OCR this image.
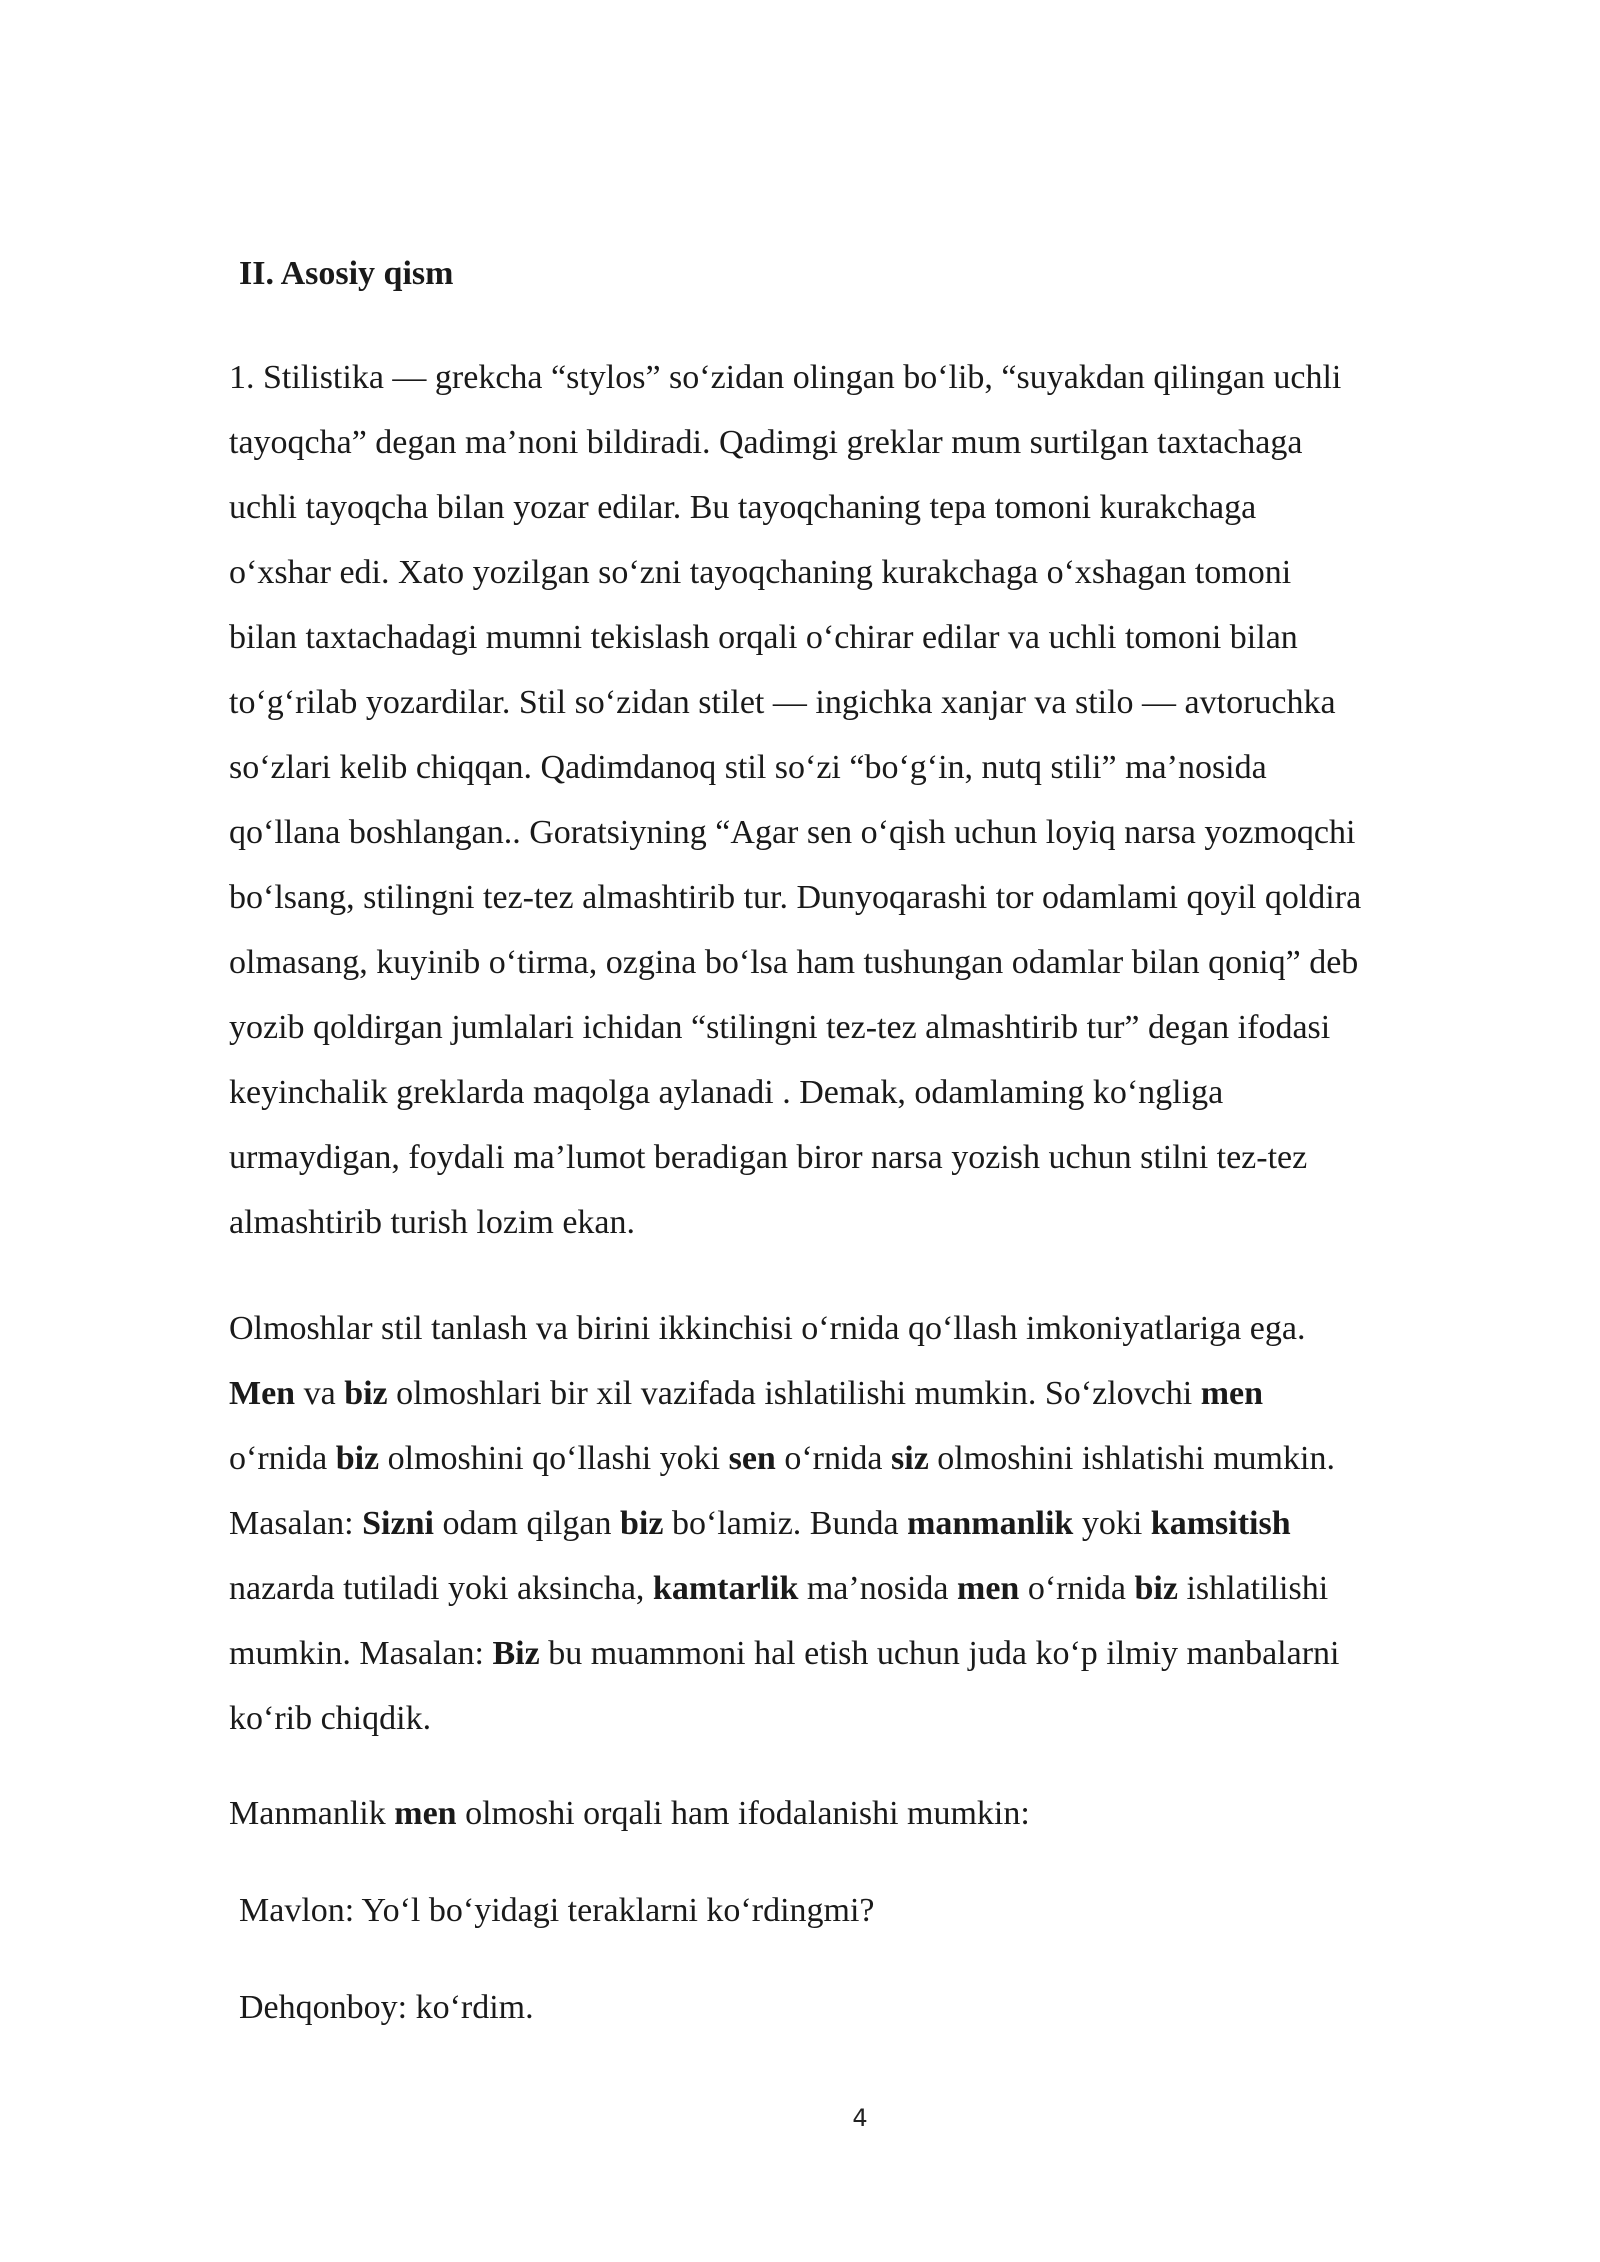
II. Asosiy qism

1. Stilistika — grekcha “stylos” so‘zidan olingan bo‘lib, “suyakdan qilingan uchli
tayoqcha” degan ma’noni bildiradi. Qadimgi greklar mum surtilgan taxtachaga
uchli tayoqcha bilan yozar edilar. Bu tayoqchaning tepa tomoni kurakchaga
o‘xshar edi. Xato yozilgan so‘zni tayoqchaning kurakchaga o‘xshagan tomoni
bilan taxtachadagi mumni tekislash orqali o‘chirar edilar va uchli tomoni bilan
to‘g‘rilab yozardilar. Stil so‘zidan stilet — ingichka xanjar va stilo — avtoruchka
so‘zlari kelib chiqqan. Qadimdanoq stil so‘zi “bo‘g‘in, nutq stili” ma’nosida
qo‘llana boshlangan.. Goratsiyning “Agar sen o‘qish uchun loyiq narsa yozmoqchi
bo‘lsang, stilingni tez-tez almashtirib tur. Dunyoqarashi tor odamlami qoyil qoldira
olmasang, kuyinib o‘tirma, ozgina bo‘lsa ham tushungan odamlar bilan qoniq” deb
yozib qoldirgan jumlalari ichidan “stilingni tez-tez almashtirib tur” degan ifodasi
keyinchalik greklarda maqolga aylanadi . Demak, odamlaming ko‘ngliga
urmaydigan, foydali ma’lumot beradigan biror narsa yozish uchun stilni tez-tez
almashtirib turish lozim ekan.

Olmoshlar stil tanlash va birini ikkinchisi o‘rnida qo‘llash imkoniyatlariga ega.
Men va biz olmoshlari bir xil vazifada ishlatilishi mumkin. So‘zlovchi men
o‘rnida biz olmoshini qo‘llashi yoki sen o‘rnida siz olmoshini ishlatishi mumkin.
Masalan: Sizni odam qilgan biz bo‘lamiz. Bunda manmanlik yoki kamsitish
nazarda tutiladi yoki aksincha, kamtarlik ma’nosida men o‘rnida biz ishlatilishi
mumkin. Masalan: Biz bu muammoni hal etish uchun juda ko‘p ilmiy manbalarni
ko‘rib chiqdik.

Manmanlik men olmoshi orqali ham ifodalanishi mumkin:

Mavlon: Yo‘l bo‘yidagi teraklarni ko‘rdingmi?

Dehqonboy: ko‘rdim.

4
